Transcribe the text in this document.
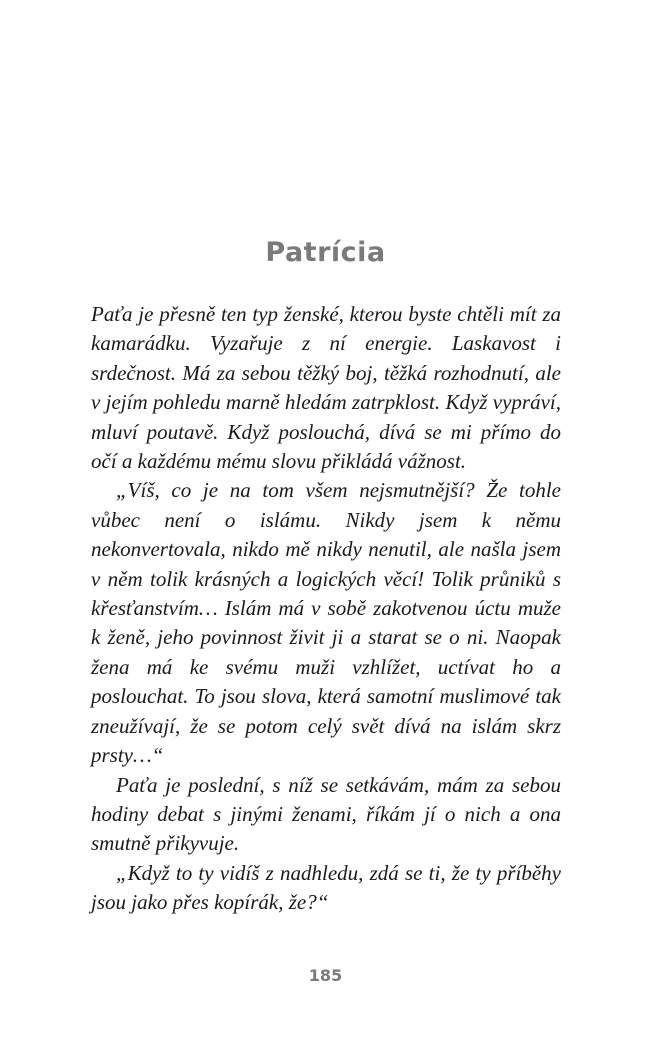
Patrícia

Paťa je přesně ten typ ženské, kterou byste chtěli mít za kamarádku. Vyzařuje z ní energie. Laskavost i srdečnost. Má za sebou těžký boj, těžká rozhodnutí, ale v jejím pohledu marně hledám zatrpklost. Když vypráví, mluví poutavě. Když poslouchá, dívá se mi přímo do očí a každému mému slovu přikládá vážnost.

„Víš, co je na tom všem nejsmutnější? Že tohle vůbec není o islámu. Nikdy jsem k němu nekonvertovala, nikdo mě nikdy nenutil, ale našla jsem v něm tolik krásných a logických věcí! Tolik průniků s křesťanstvím… Islám má v sobě zakotvenou úctu muže k ženě, jeho povinnost živit ji a starat se o ni. Naopak žena má ke svému muži vzhlížet, uctívat ho a poslouchat. To jsou slova, která samotní muslimové tak zneužívají, že se potom celý svět dívá na islám skrz prsty…“

Paťa je poslední, s níž se setkávám, mám za sebou hodiny debat s jinými ženami, říkám jí o nich a ona smutně přikyvuje.

„Když to ty vidíš z nadhledu, zdá se ti, že ty příběhy jsou jako přes kopírák, že?“

185
